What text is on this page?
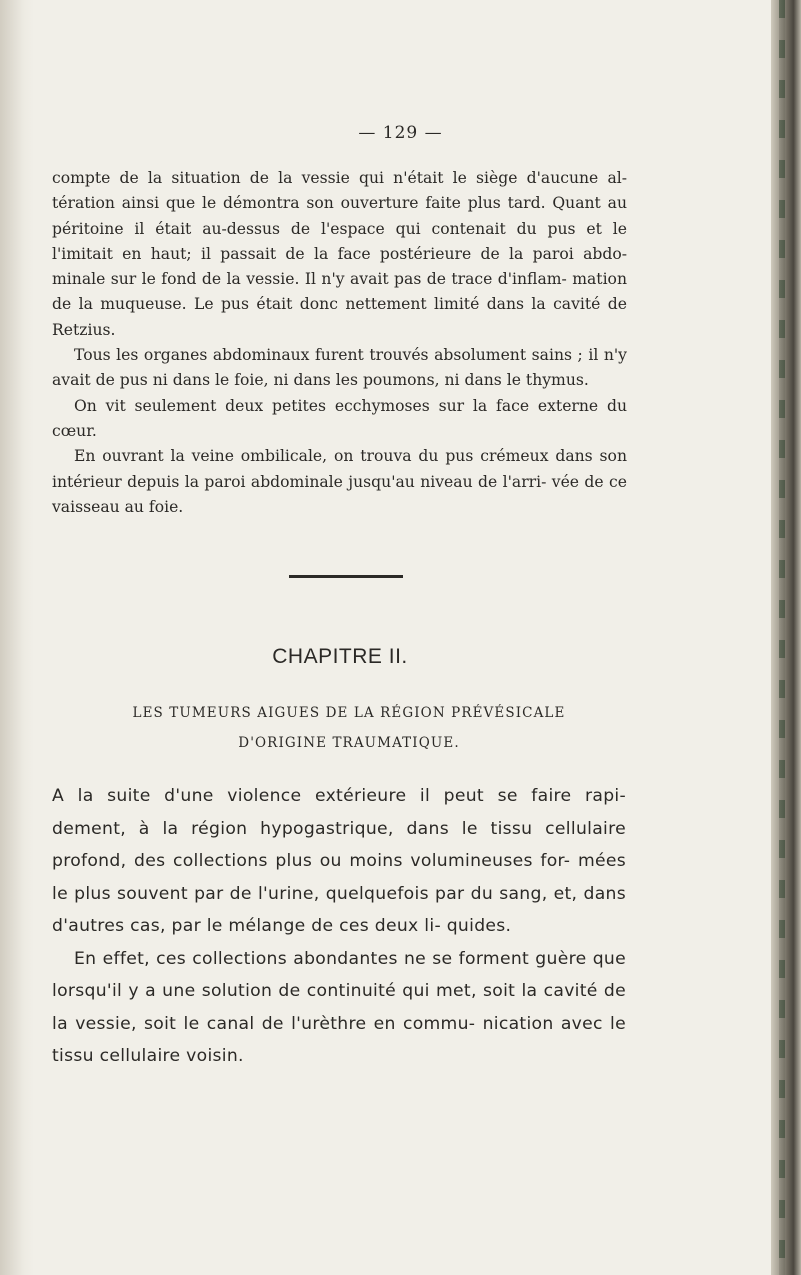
— 129 —

compte de la situation de la vessie qui n'était le siège d'aucune al- tération ainsi que le démontra son ouverture faite plus tard. Quant au péritoine il était au-dessus de l'espace qui contenait du pus et le l'imitait en haut; il passait de la face postérieure de la paroi abdo- minale sur le fond de la vessie. Il n'y avait pas de trace d'inflam- mation de la muqueuse. Le pus était donc nettement limité dans la cavité de Retzius.

Tous les organes abdominaux furent trouvés absolument sains ; il n'y avait de pus ni dans le foie, ni dans les poumons, ni dans le thymus.

On vit seulement deux petites ecchymoses sur la face externe du cœur.

En ouvrant la veine ombilicale, on trouva du pus crémeux dans son intérieur depuis la paroi abdominale jusqu'au niveau de l'arri- vée de ce vaisseau au foie.

CHAPITRE II.
LES TUMEURS AIGUES DE LA RÉGION PRÉVÉSICALE
D'ORIGINE TRAUMATIQUE.

A la suite d'une violence extérieure il peut se faire rapi- dement, à la région hypogastrique, dans le tissu cellulaire profond, des collections plus ou moins volumineuses for- mées le plus souvent par de l'urine, quelquefois par du sang, et, dans d'autres cas, par le mélange de ces deux li- quides.

En effet, ces collections abondantes ne se forment guère que lorsqu'il y a une solution de continuité qui met, soit la cavité de la vessie, soit le canal de l'urèthre en commu- nication avec le tissu cellulaire voisin.
